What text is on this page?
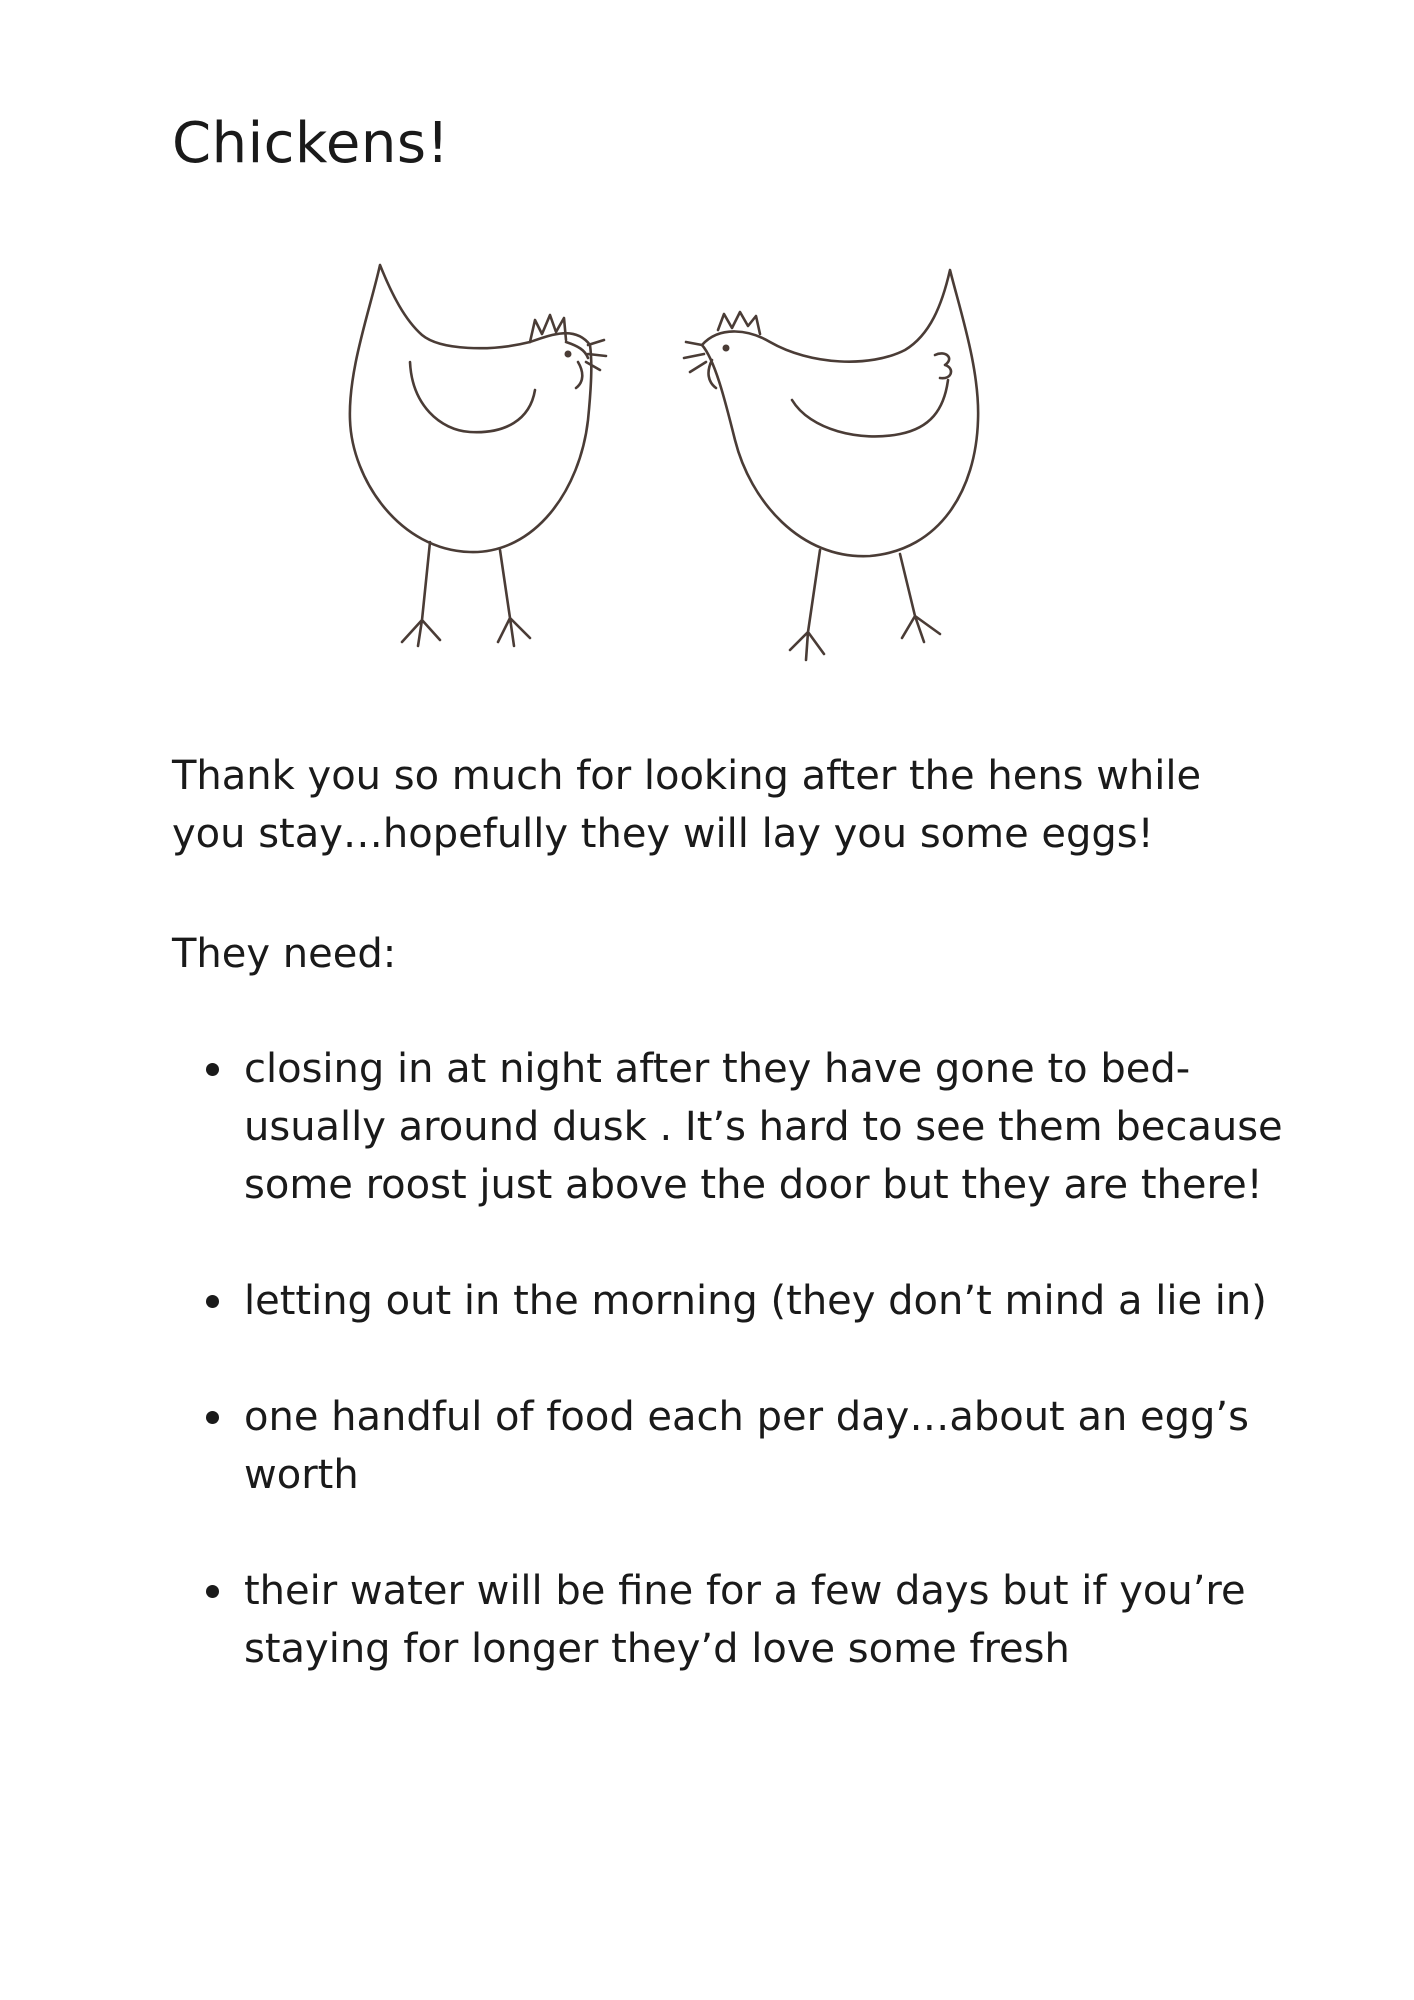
Chickens!

Thank you so much for looking after the hens while you stay…hopefully they will lay you some eggs!

They need:

closing in at night after they have gone to bed- usually around dusk . It’s hard to see them because some roost just above the door but they are there!
letting out in the morning (they don’t mind a lie in)
one handful of food each per day…about an egg’s worth
their water will be fine for a few days but if you’re staying for longer they’d love some fresh
